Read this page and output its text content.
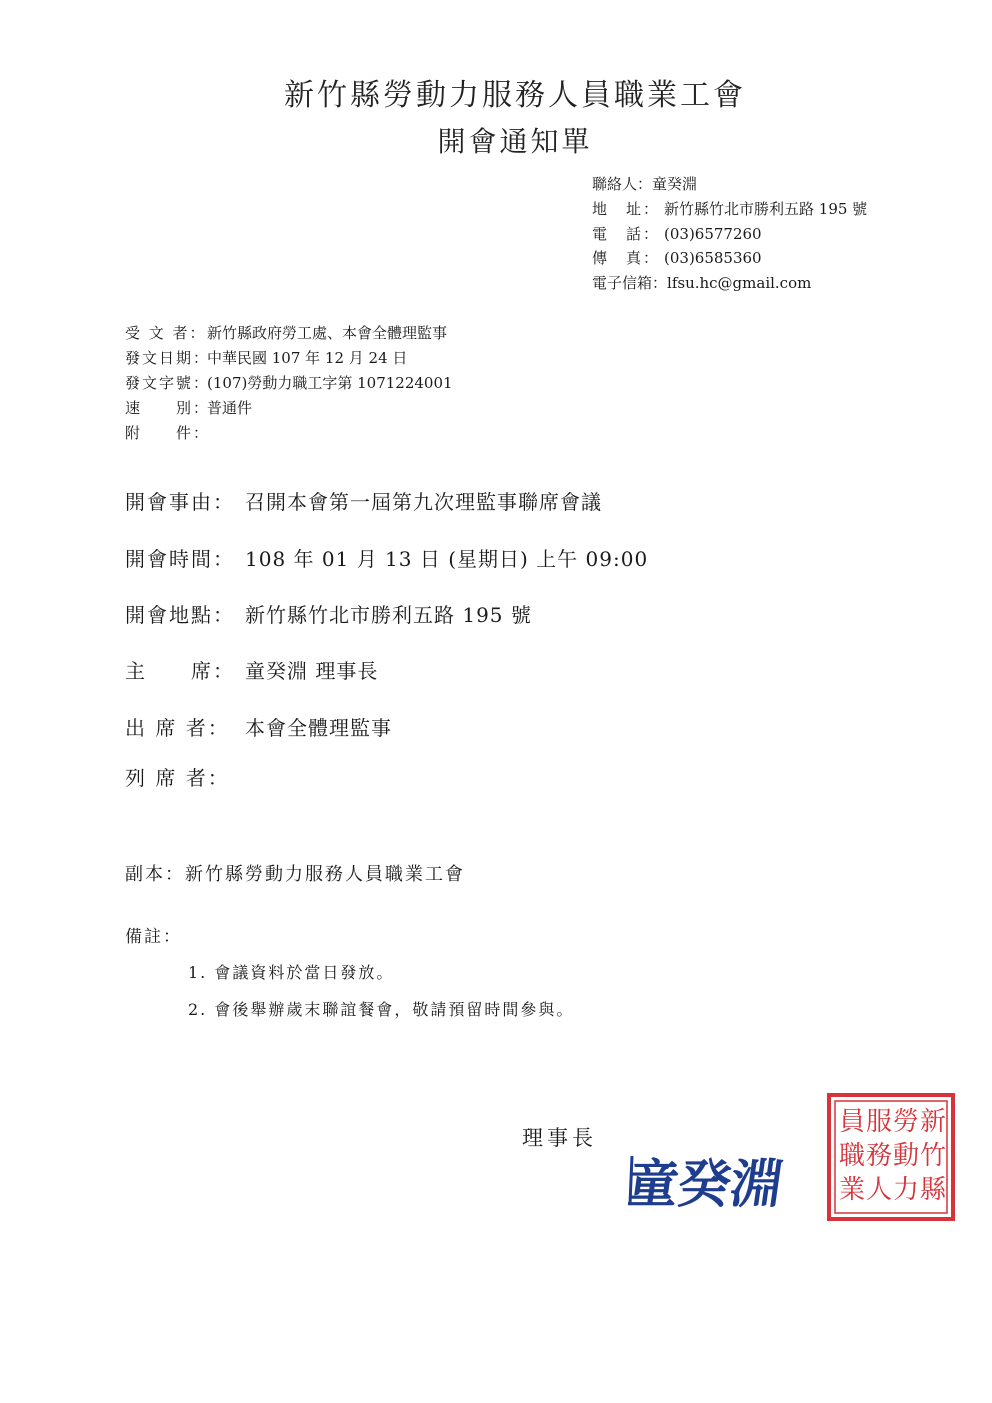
新竹縣勞動力服務人員職業工會
開會通知單
聯絡人：童癸淵
地　址： 新竹縣竹北市勝利五路 195 號
電　話： (03)6577260
傳　真： (03)6585360
電子信箱：lfsu.hc@gmail.com
受 文 者：新竹縣政府勞工處、本會全體理監事
發文日期：中華民國 107 年 12 月 24 日
發文字號：(107)勞動力職工字第 1071224001
速　　別：普通件
附　　件：
開會事由： 召開本會第一屆第九次理監事聯席會議
開會時間： 108 年 01 月 13 日 (星期日) 上午 09:00
開會地點： 新竹縣竹北市勝利五路 195 號
主　　席： 童癸淵 理事長
出 席 者： 本會全體理監事
列 席 者：
副本：新竹縣勞動力服務人員職業工會
備註：
1. 會議資料於當日發放。
2. 會後舉辦歲末聯誼餐會，敬請預留時間參與。
理事長
童癸淵
新
竹
縣
勞
動
力
服
務
人
員
職
業
